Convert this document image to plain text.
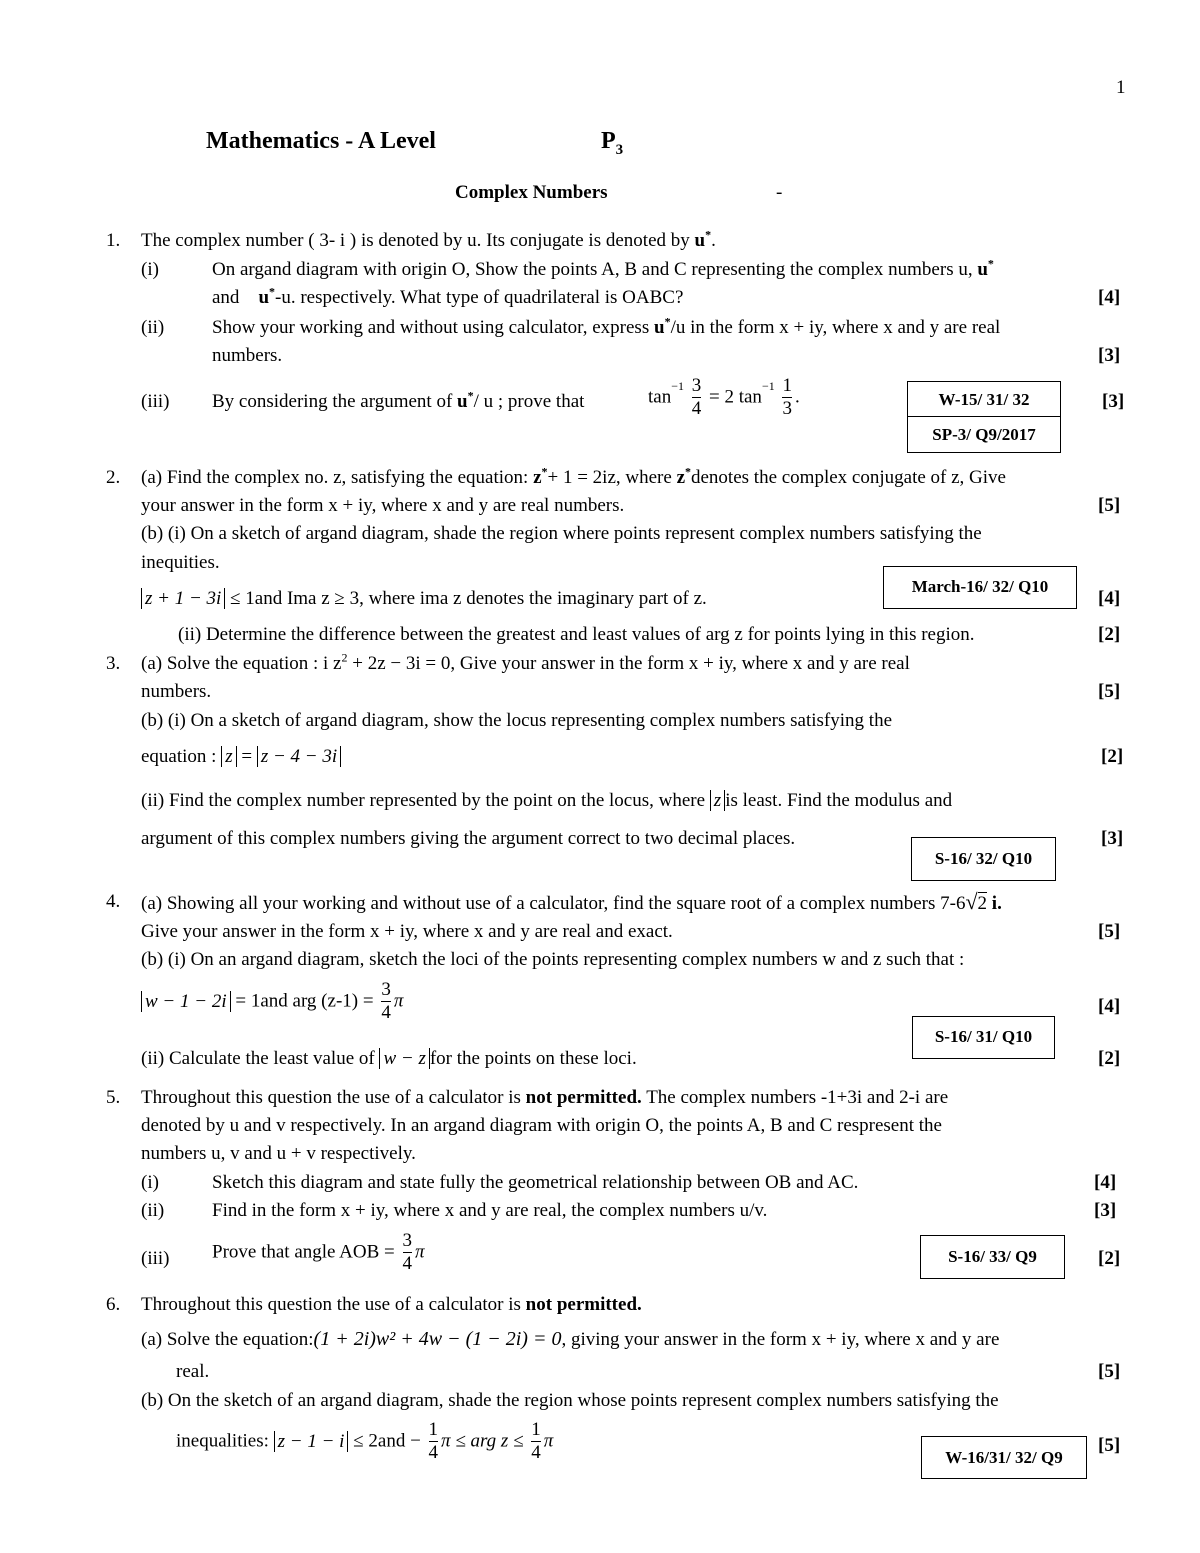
1
Mathematics - A Level	$P_3$
Complex Numbers	-
1. The complex number ( 3- i ) is denoted by u. Its conjugate is denoted by u*.
(i)	On argand diagram with origin O, Show the points A, B and C representing the complex numbers u, u*
and u*-u. respectively. What type of quadrilateral is OABC?	[4]
(ii)	Show your working and without using calculator, express u*/u in the form x + iy, where x and y are real
numbers.	[3]
(iii) By considering the argument of u*/ u ; prove that	$\tan^{-1} \frac{3}{4} = 2$ $\tan^{-1} \frac{1}{3}$ .	[3]
W-15/ 31/ 32
SP-3/ Q9/2017
2. (a) Find the complex no. z, satisfying the equation: z*+ 1 = 2iz, where z*denotes the complex conjugate of z, Give
your answer in the form x + iy, where x and y are real numbers.	[5]
(b) (i) On a sketch of argand diagram, shade the region where points represent complex numbers satisfying the
inequities.
z + 1 − 3i ≤ 1and Ima z ≥ 3, where ima z denotes the imaginary part of z.	[4]
March-16/ 32/ Q10
(ii) Determine the difference between the greatest and least values of arg z for points lying in this region.	[2]
3. (a) Solve the equation : i $z^2 + 2z - 3i = 0$, Give your answer in the form x + iy, where x and y are real
numbers.	[5]
(b) (i) On a sketch of argand diagram, show the locus representing complex numbers satisfying the
equation : z = z − 4 − 3i	[2]
(ii) Find the complex number represented by the point on the locus, where z is least. Find the modulus and
argument of this complex numbers giving the argument correct to two decimal places.	[3]
S-16/ 32/ Q10
4. (a) Showing all your working and without use of a calculator, find the square root of a complex numbers 7-6√2 i.
Give your answer in the form x + iy, where x and y are real and exact.	[5]
(b) (i) On an argand diagram, sketch the loci of the points representing complex numbers w and z such that :
w − 1 − 2i = 1and arg $(z-1) = \frac{3}{4}$ π	[4]
S-16/ 31/ Q10
(ii) Calculate the least value of w − z for the points on these loci.	[2]
5. Throughout this question the use of a calculator is not permitted. The complex numbers -1+3i and 2-i are
denoted by u and v respectively. In an argand diagram with origin O, the points A, B and C respresent the
numbers u, v and u + v respectively.
(i)	Sketch this diagram and state fully the geometrical relationship between OB and AC.	[4]
(ii)	Find in the form x + iy, where x and y are real, the complex numbers u/v.	[3]
(iii) Prove that angle AOB = $\frac{3}{4}$ π	[2]
S-16/ 33/ Q9
6. Throughout this question the use of a calculator is not permitted.
(a) Solve the equation:(1 + 2i)w² + 4w − (1 − 2i) = 0, giving your answer in the form x + iy, where x and y are
real.	[5]
(b) On the sketch of an argand diagram, shade the region whose points represent complex numbers satisfying the
inequalities: $z - 1 - i \le 2and - \frac{1}{4}$ π ≤ arg $z \le \frac{1}{4}$ π	[5]
W-16/31/ 32/ Q9
